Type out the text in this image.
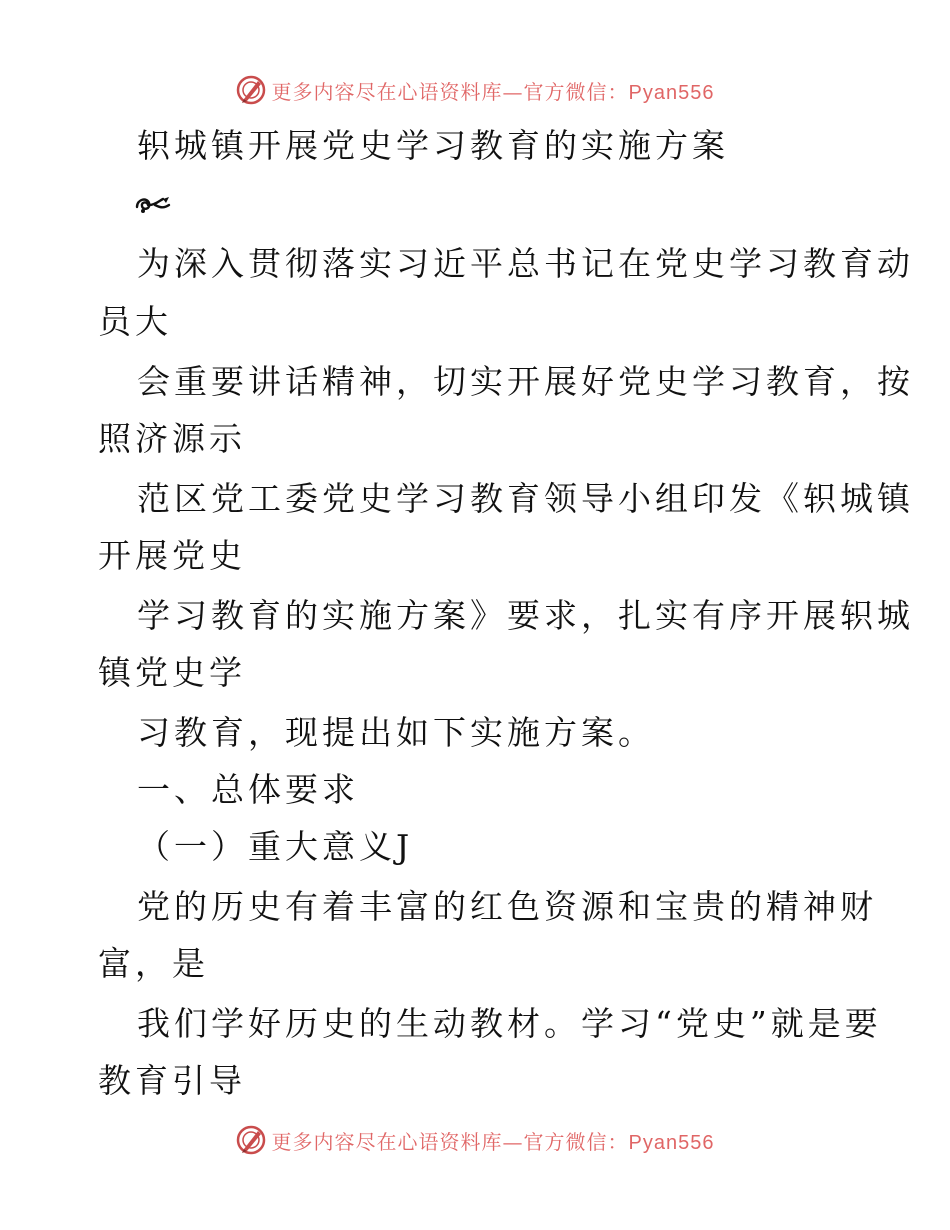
更多内容尽在心语资料库—官方微信：Pyan556
轵城镇开展党史学习教育的实施方案
为深入贯彻落实习近平总书记在党史学习教育动
员大
会重要讲话精神，切实开展好党史学习教育，按
照济源示
范区党工委党史学习教育领导小组印发《轵城镇
开展党史
学习教育的实施方案》要求，扎实有序开展轵城
镇党史学
习教育，现提出如下实施方案。
一、总体要求
（一）重大意义J
党的历史有着丰富的红色资源和宝贵的精神财
富，是
我们学好历史的生动教材。学习“党史”就是要
教育引导
更多内容尽在心语资料库—官方微信：Pyan556
